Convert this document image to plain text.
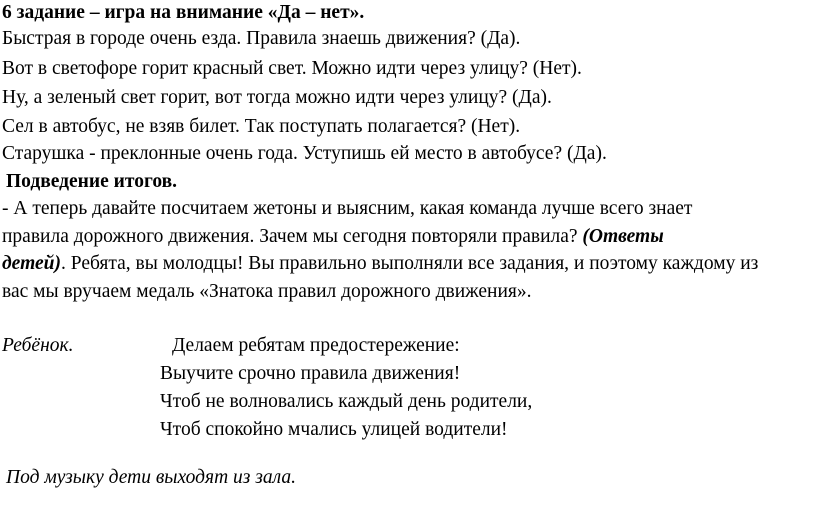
6 задание – игра на внимание «Да – нет».
Быстрая в городе очень езда. Правила знаешь движения? (Да).
Вот в светофоре горит красный свет. Можно идти через улицу? (Нет).
Ну, а зеленый свет горит, вот тогда можно идти через улицу? (Да).
Сел в автобус, не взяв билет. Так поступать полагается? (Нет).
Старушка - преклонные очень года. Уступишь ей место в автобусе? (Да).
Подведение итогов.
- А теперь давайте посчитаем жетоны и выясним, какая команда лучше всего знает
правила дорожного движения. Зачем мы сегодня повторяли правила? (Ответы
детей). Ребята, вы молодцы! Вы правильно выполняли все задания, и поэтому каждому из
вас мы вручаем медаль «Знатока правил дорожного движения».
Ребёнок.	Делаем ребятам предостережение:
Выучите срочно правила движения!
Чтоб не волновались каждый день родители,
Чтоб спокойно мчались улицей водители!
Под музыку дети выходят из зала.
